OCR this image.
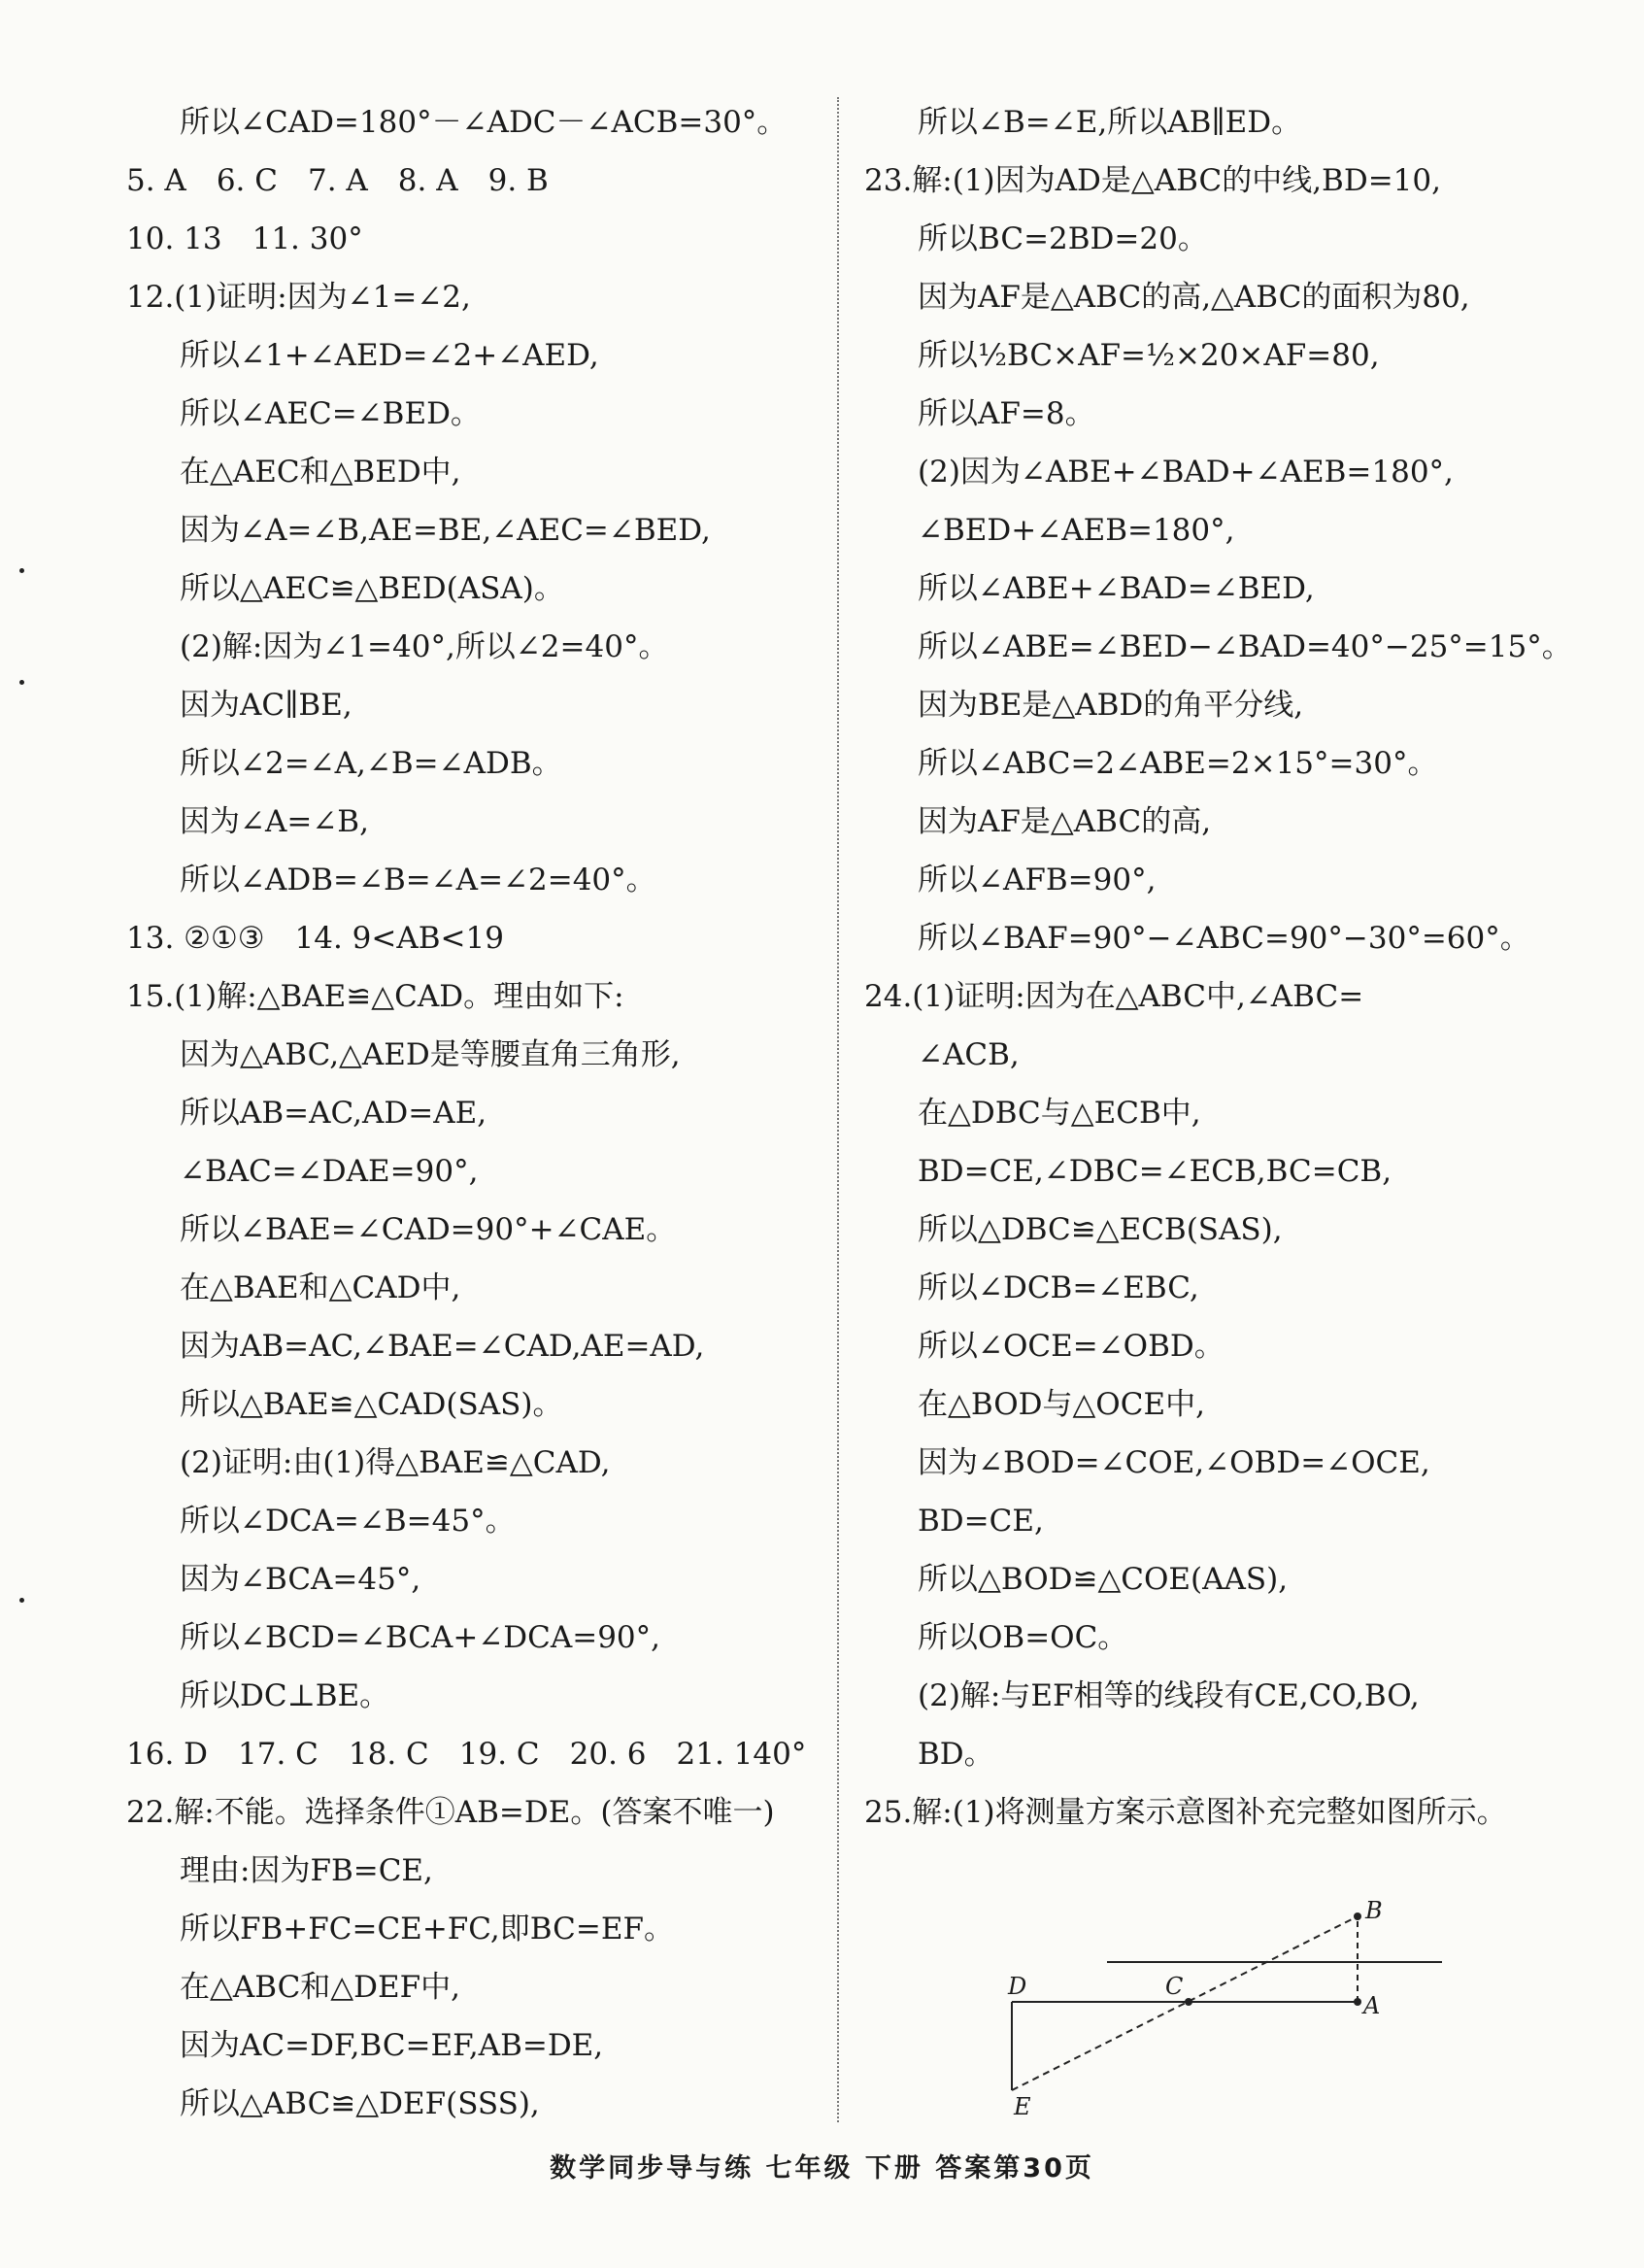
所以∠CAD=180°－∠ADC－∠ACB=30°。
5. A　6. C　7. A　8. A　9. B
10. 13　11. 30°
12.(1)证明:因为∠1=∠2,
所以∠1+∠AED=∠2+∠AED,
所以∠AEC=∠BED。
在△AEC和△BED中,
因为∠A=∠B,AE=BE,∠AEC=∠BED,
所以△AEC≌△BED(ASA)。
(2)解:因为∠1=40°,所以∠2=40°。
因为AC∥BE,
所以∠2=∠A,∠B=∠ADB。
因为∠A=∠B,
所以∠ADB=∠B=∠A=∠2=40°。
13. ②①③　14. 9<AB<19
15.(1)解:△BAE≌△CAD。理由如下:
因为△ABC,△AED是等腰直角三角形,
所以AB=AC,AD=AE,
∠BAC=∠DAE=90°,
所以∠BAE=∠CAD=90°+∠CAE。
在△BAE和△CAD中,
因为AB=AC,∠BAE=∠CAD,AE=AD,
所以△BAE≌△CAD(SAS)。
(2)证明:由(1)得△BAE≌△CAD,
所以∠DCA=∠B=45°。
因为∠BCA=45°,
所以∠BCD=∠BCA+∠DCA=90°,
所以DC⊥BE。
16. D　17. C　18. C　19. C　20. 6　21. 140°
22.解:不能。选择条件①AB=DE。(答案不唯一)
理由:因为FB=CE,
所以FB+FC=CE+FC,即BC=EF。
在△ABC和△DEF中,
因为AC=DF,BC=EF,AB=DE,
所以△ABC≌△DEF(SSS),
所以∠B=∠E,所以AB∥ED。
23.解:(1)因为AD是△ABC的中线,BD=10,
所以BC=2BD=20。
因为AF是△ABC的高,△ABC的面积为80,
所以½BC×AF=½×20×AF=80,
所以AF=8。
(2)因为∠ABE+∠BAD+∠AEB=180°,
∠BED+∠AEB=180°,
所以∠ABE+∠BAD=∠BED,
所以∠ABE=∠BED−∠BAD=40°−25°=15°。
因为BE是△ABD的角平分线,
所以∠ABC=2∠ABE=2×15°=30°。
因为AF是△ABC的高,
所以∠AFB=90°,
所以∠BAF=90°−∠ABC=90°−30°=60°。
24.(1)证明:因为在△ABC中,∠ABC=
∠ACB,
在△DBC与△ECB中,
BD=CE,∠DBC=∠ECB,BC=CB,
所以△DBC≌△ECB(SAS),
所以∠DCB=∠EBC,
所以∠OCE=∠OBD。
在△BOD与△OCE中,
因为∠BOD=∠COE,∠OBD=∠OCE,
BD=CE,
所以△BOD≌△COE(AAS),
所以OB=OC。
(2)解:与EF相等的线段有CE,CO,BO,
BD。
25.解:(1)将测量方案示意图补充完整如图所示。
B
A
C
D
E
数学同步导与练 七年级 下册 答案第30页
